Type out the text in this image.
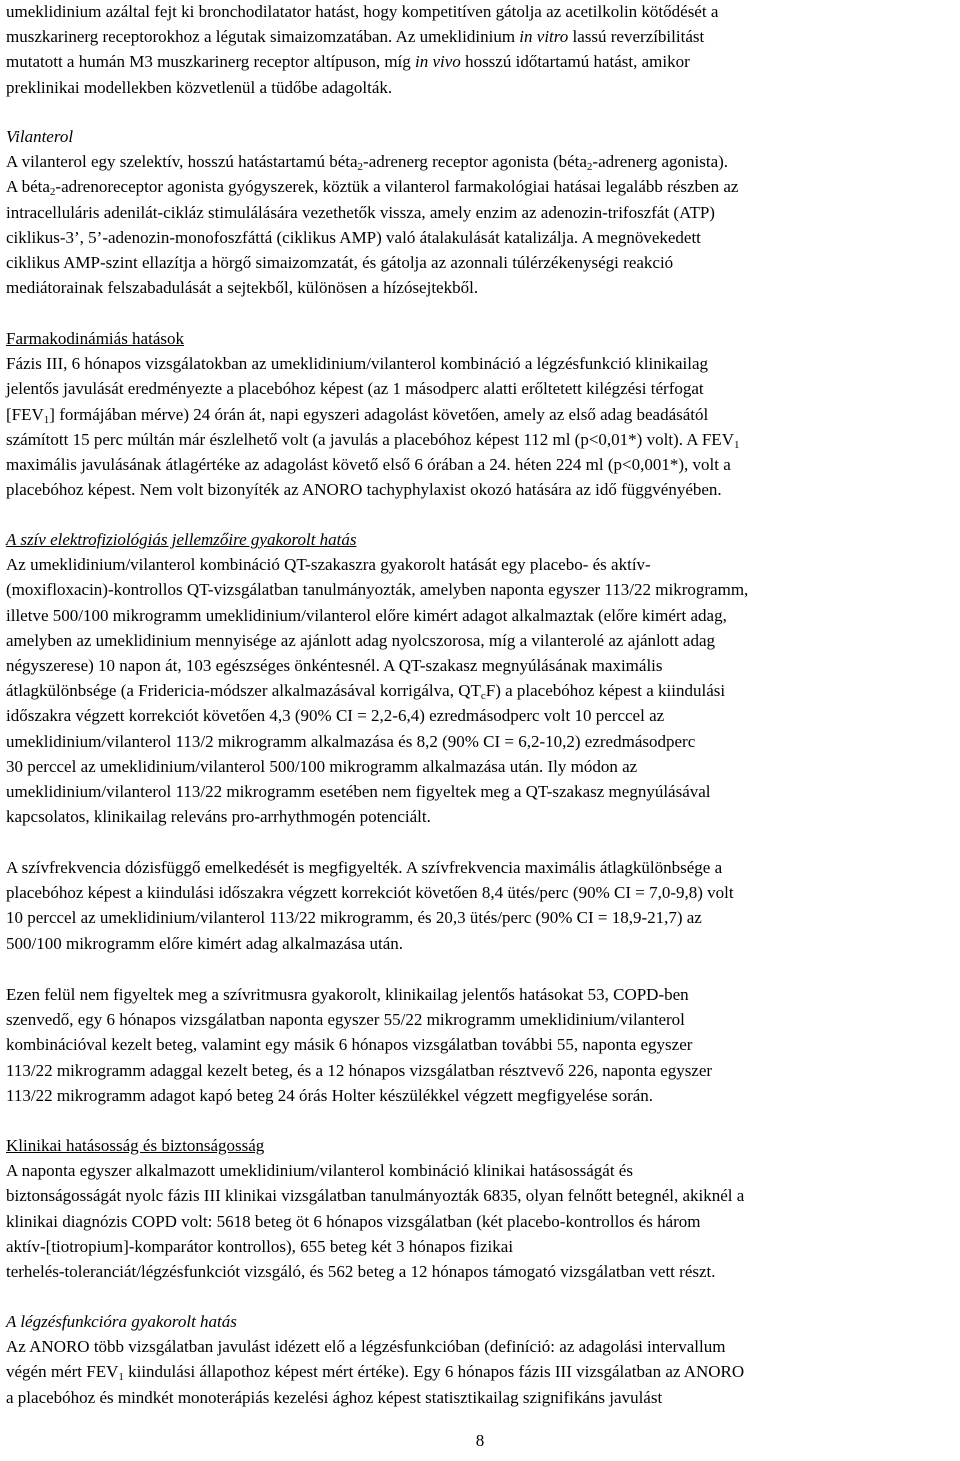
umeklidinium azáltal fejt ki bronchodilatator hatást, hogy kompetitíven gátolja az acetilkolin kötődését a
muszkarinerg receptorokhoz a légutak simaizomzatában. Az umeklidinium in vitro lassú reverzíbilitást
mutatott a humán M3 muszkarinerg receptor altípuson, míg in vivo hosszú időtartamú hatást, amikor
preklinikai modellekben közvetlenül a tüdőbe adagolták.

Vilanterol
A vilanterol egy szelektív, hosszú hatástartamú béta$_2$-adrenerg receptor agonista (béta$_2$-adrenerg agonista).
A béta$_2$-adrenoreceptor agonista gyógyszerek, köztük a vilanterol farmakológiai hatásai legalább részben az
intracelluláris adenilát-cikláz stimulálására vezethetők vissza, amely enzim az adenozin-trifoszfát (ATP)
ciklikus-3’, 5’-adenozin-monofoszfáttá (ciklikus AMP) való átalakulását katalizálja. A megnövekedett
ciklikus AMP-szint ellazítja a hörgő simaizomzatát, és gátolja az azonnali túlérzékenységi reakció
mediátorainak felszabadulását a sejtekből, különösen a hízósejtekből.

Farmakodinámiás hatások
Fázis III, 6 hónapos vizsgálatokban az umeklidinium/vilanterol kombináció a légzésfunkció klinikailag
jelentős javulását eredményezte a placebóhoz képest (az 1 másodperc alatti erőltetett kilégzési térfogat
$[FEV_1]$ formájában mérve) 24 órán át, napi egyszeri adagolást követően, amely az első adag beadásától
számított 15 perc múltán már észlelhető volt (a javulás a placebóhoz képest 112 ml (p<0,01*) volt). A $FEV_1$
maximális javulásának átlagértéke az adagolást követő első 6 órában a 24. héten 224 ml (p<0,001*), volt a
placebóhoz képest. Nem volt bizonyíték az ANORO tachyphylaxist okozó hatására az idő függvényében.

A szív elektrofiziológiás jellemzőire gyakorolt hatás
Az umeklidinium/vilanterol kombináció QT-szakaszra gyakorolt hatását egy placebo- és aktív-
(moxifloxacin)-kontrollos QT-vizsgálatban tanulmányozták, amelyben naponta egyszer 113/22 mikrogramm,
illetve 500/100 mikrogramm umeklidinium/vilanterol előre kimért adagot alkalmaztak (előre kimért adag,
amelyben az umeklidinium mennyisége az ajánlott adag nyolcszorosa, míg a vilanterolé az ajánlott adag
négyszerese) 10 napon át, 103 egészséges önkéntesnél. A QT-szakasz megnyúlásának maximális
átlagkülönbsége (a Fridericia-módszer alkalmazásával korrigálva, $QT_cF$) a placebóhoz képest a kiindulási
időszakra végzett korrekciót követően 4,3 (90% CI = 2,2-6,4) ezredmásodperc volt 10 perccel az
umeklidinium/vilanterol 113/2 mikrogramm alkalmazása és 8,2 (90% CI = 6,2-10,2) ezredmásodperc
30 perccel az umeklidinium/vilanterol 500/100 mikrogramm alkalmazása után. Ily módon az
umeklidinium/vilanterol 113/22 mikrogramm esetében nem figyeltek meg a QT-szakasz megnyúlásával
kapcsolatos, klinikailag releváns pro-arrhythmogén potenciált.

A szívfrekvencia dózisfüggő emelkedését is megfigyelték. A szívfrekvencia maximális átlagkülönbsége a
placebóhoz képest a kiindulási időszakra végzett korrekciót követően 8,4 ütés/perc (90% CI = 7,0-9,8) volt
10 perccel az umeklidinium/vilanterol 113/22 mikrogramm, és 20,3 ütés/perc (90% CI = 18,9-21,7) az
500/100 mikrogramm előre kimért adag alkalmazása után.

Ezen felül nem figyeltek meg a szívritmusra gyakorolt, klinikailag jelentős hatásokat 53, COPD-ben
szenvedő, egy 6 hónapos vizsgálatban naponta egyszer 55/22 mikrogramm umeklidinium/vilanterol
kombinációval kezelt beteg, valamint egy másik 6 hónapos vizsgálatban további 55, naponta egyszer
113/22 mikrogramm adaggal kezelt beteg, és a 12 hónapos vizsgálatban résztvevő 226, naponta egyszer
113/22 mikrogramm adagot kapó beteg 24 órás Holter készülékkel végzett megfigyelése során.

Klinikai hatásosság és biztonságosság
A naponta egyszer alkalmazott umeklidinium/vilanterol kombináció klinikai hatásosságát és
biztonságosságát nyolc fázis III klinikai vizsgálatban tanulmányozták 6835, olyan felnőtt betegnél, akiknél a
klinikai diagnózis COPD volt: 5618 beteg öt 6 hónapos vizsgálatban (két placebo-kontrollos és három
aktív-[tiotropium]-komparátor kontrollos), 655 beteg két 3 hónapos fizikai
terhelés-toleranciát/légzésfunkciót vizsgáló, és 562 beteg a 12 hónapos támogató vizsgálatban vett részt.

A légzésfunkcióra gyakorolt hatás
Az ANORO több vizsgálatban javulást idézett elő a légzésfunkcióban (definíció: az adagolási intervallum
végén mért $FEV_1$ kiindulási állapothoz képest mért értéke). Egy 6 hónapos fázis III vizsgálatban az ANORO
a placebóhoz és mindkét monoterápiás kezelési ághoz képest statisztikailag szignifikáns javulást

8
